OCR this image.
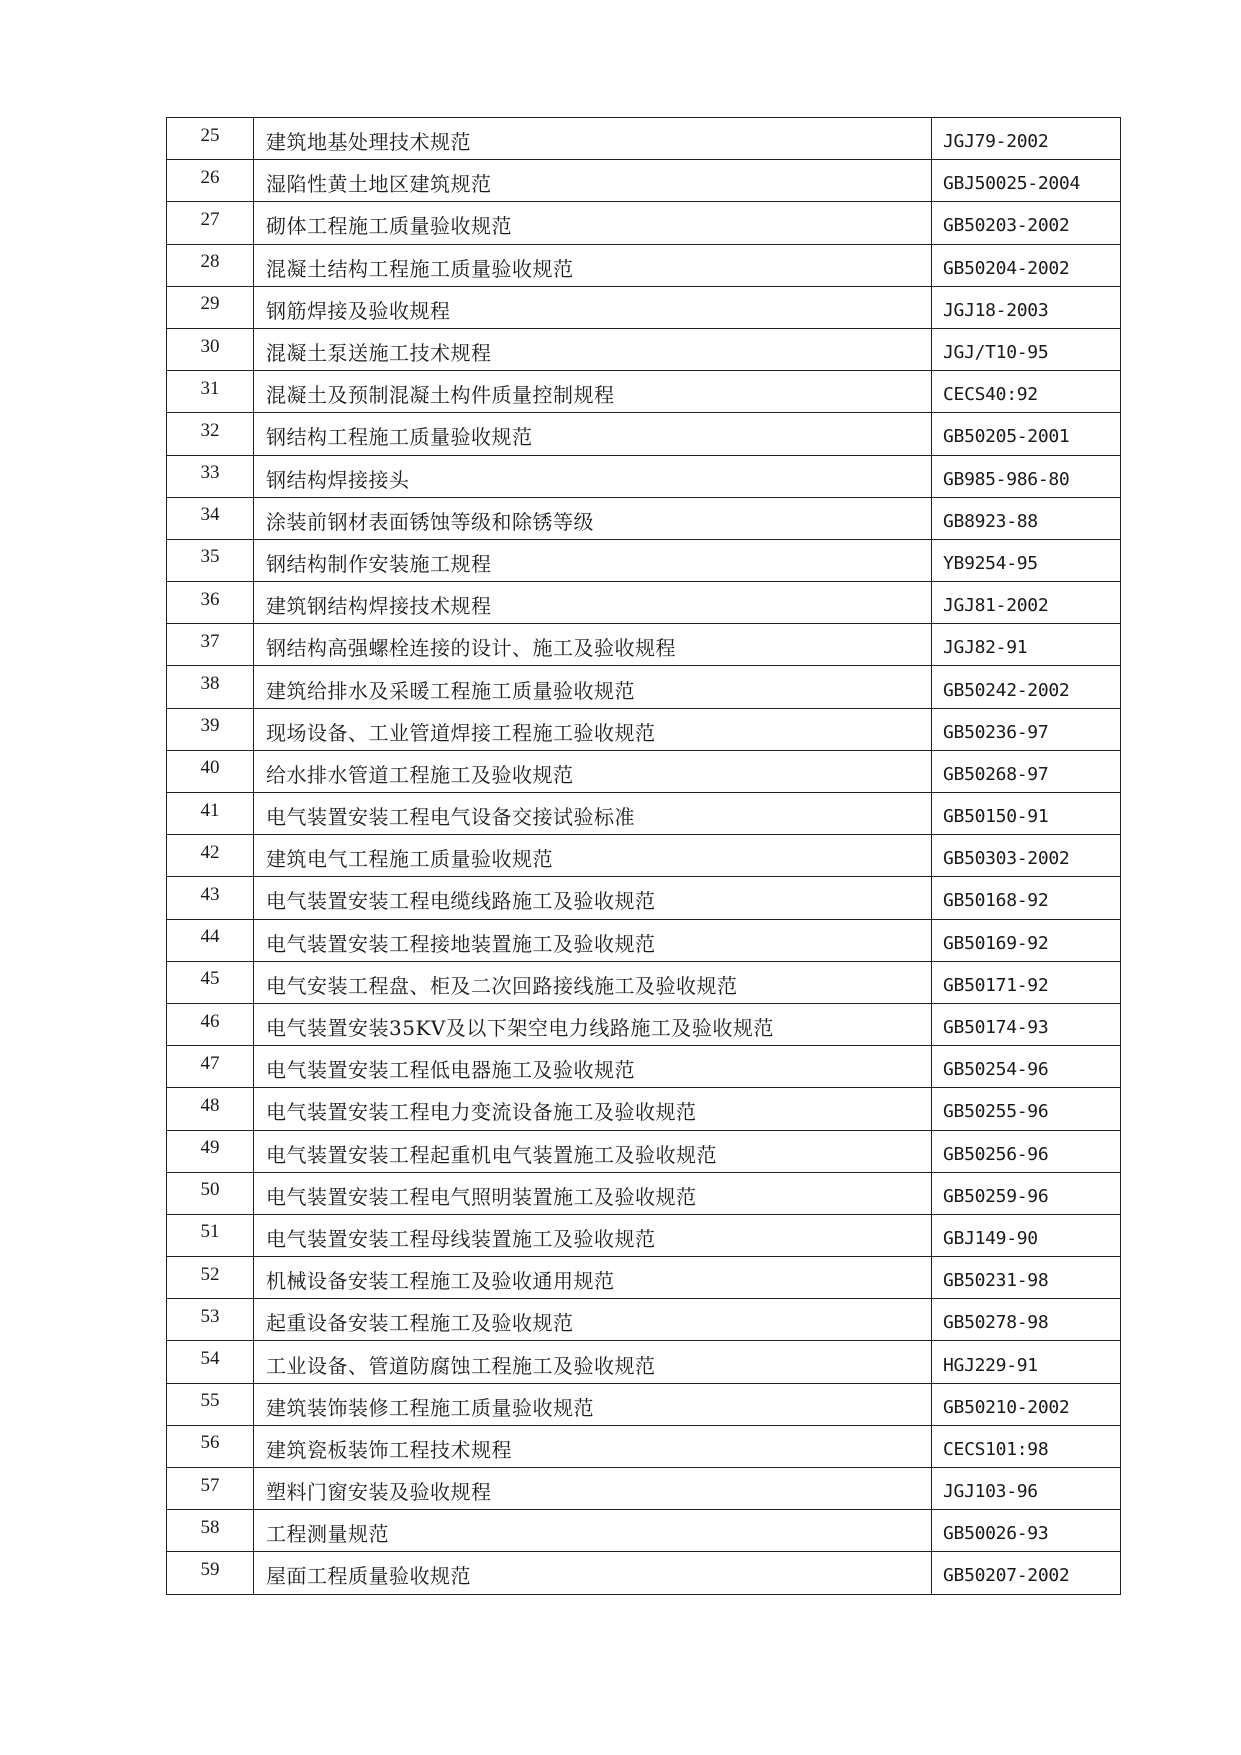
25	建筑地基处理技术规范	JGJ79-2002
26	湿陷性黄土地区建筑规范	GBJ50025-2004
27	砌体工程施工质量验收规范	GB50203-2002
28	混凝土结构工程施工质量验收规范	GB50204-2002
29	钢筋焊接及验收规程	JGJ18-2003
30	混凝土泵送施工技术规程	JGJ/T10-95
31	混凝土及预制混凝土构件质量控制规程	CECS40:92
32	钢结构工程施工质量验收规范	GB50205-2001
33	钢结构焊接接头	GB985-986-80
34	涂装前钢材表面锈蚀等级和除锈等级	GB8923-88
35	钢结构制作安装施工规程	YB9254-95
36	建筑钢结构焊接技术规程	JGJ81-2002
37	钢结构高强螺栓连接的设计、施工及验收规程	JGJ82-91
38	建筑给排水及采暖工程施工质量验收规范	GB50242-2002
39	现场设备、工业管道焊接工程施工验收规范	GB50236-97
40	给水排水管道工程施工及验收规范	GB50268-97
41	电气装置安装工程电气设备交接试验标准	GB50150-91
42	建筑电气工程施工质量验收规范	GB50303-2002
43	电气装置安装工程电缆线路施工及验收规范	GB50168-92
44	电气装置安装工程接地装置施工及验收规范	GB50169-92
45	电气安装工程盘、柜及二次回路接线施工及验收规范	GB50171-92
46	电气装置安装35KV及以下架空电力线路施工及验收规范	GB50174-93
47	电气装置安装工程低电器施工及验收规范	GB50254-96
48	电气装置安装工程电力变流设备施工及验收规范	GB50255-96
49	电气装置安装工程起重机电气装置施工及验收规范	GB50256-96
50	电气装置安装工程电气照明装置施工及验收规范	GB50259-96
51	电气装置安装工程母线装置施工及验收规范	GBJ149-90
52	机械设备安装工程施工及验收通用规范	GB50231-98
53	起重设备安装工程施工及验收规范	GB50278-98
54	工业设备、管道防腐蚀工程施工及验收规范	HGJ229-91
55	建筑装饰装修工程施工质量验收规范	GB50210-2002
56	建筑瓷板装饰工程技术规程	CECS101:98
57	塑料门窗安装及验收规程	JGJ103-96
58	工程测量规范	GB50026-93
59	屋面工程质量验收规范	GB50207-2002
